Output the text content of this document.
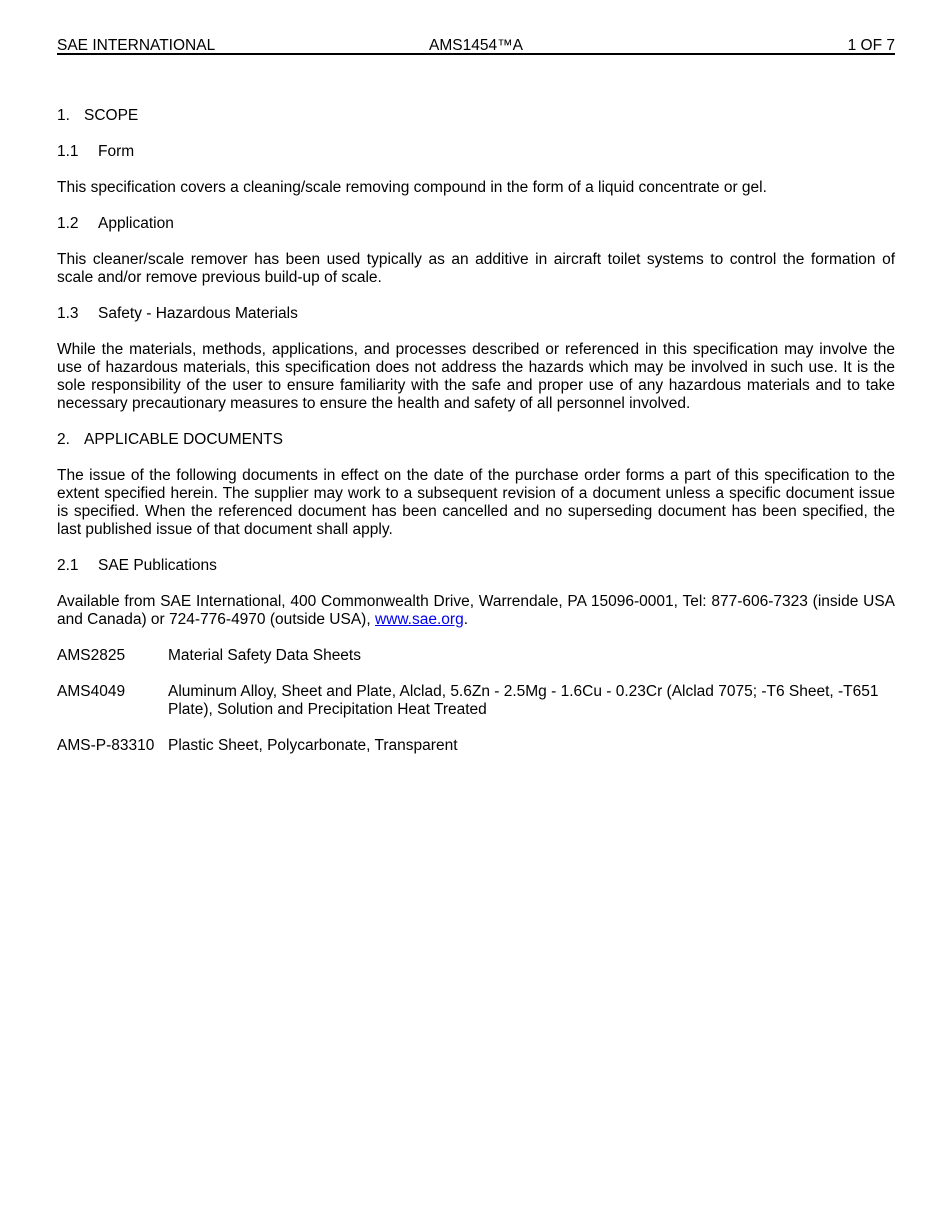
SAE INTERNATIONAL	AMS1454™A	1 OF 7
1. SCOPE
1.1 Form
This specification covers a cleaning/scale removing compound in the form of a liquid concentrate or gel.
1.2 Application
This cleaner/scale remover has been used typically as an additive in aircraft toilet systems to control the formation of scale and/or remove previous build-up of scale.
1.3 Safety - Hazardous Materials
While the materials, methods, applications, and processes described or referenced in this specification may involve the use of hazardous materials, this specification does not address the hazards which may be involved in such use. It is the sole responsibility of the user to ensure familiarity with the safe and proper use of any hazardous materials and to take necessary precautionary measures to ensure the health and safety of all personnel involved.
2. APPLICABLE DOCUMENTS
The issue of the following documents in effect on the date of the purchase order forms a part of this specification to the extent specified herein. The supplier may work to a subsequent revision of a document unless a specific document issue is specified. When the referenced document has been cancelled and no superseding document has been specified, the last published issue of that document shall apply.
2.1 SAE Publications
Available from SAE International, 400 Commonwealth Drive, Warrendale, PA 15096-0001, Tel: 877-606-7323 (inside USA and Canada) or 724-776-4970 (outside USA), www.sae.org.
AMS2825	Material Safety Data Sheets
AMS4049	Aluminum Alloy, Sheet and Plate, Alclad, 5.6Zn - 2.5Mg - 1.6Cu - 0.23Cr (Alclad 7075; -T6 Sheet, -T651 Plate), Solution and Precipitation Heat Treated
AMS-P-83310 Plastic Sheet, Polycarbonate, Transparent
